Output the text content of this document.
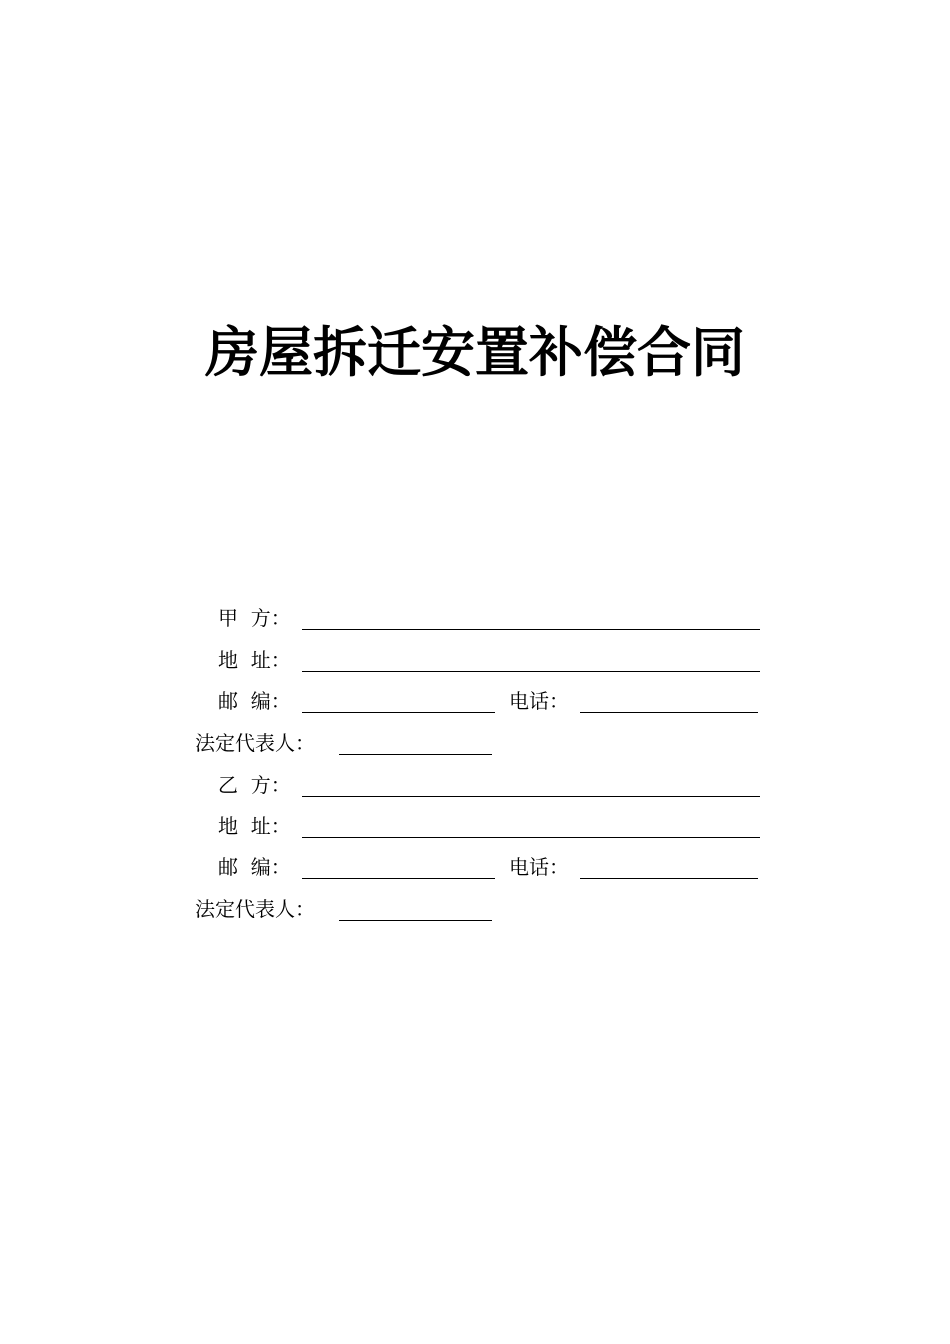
房屋拆迁安置补偿合同
甲  方：
地  址：
邮  编：	电话：
法定代表人：
乙  方：
地  址：
邮  编：	电话：
法定代表人：
